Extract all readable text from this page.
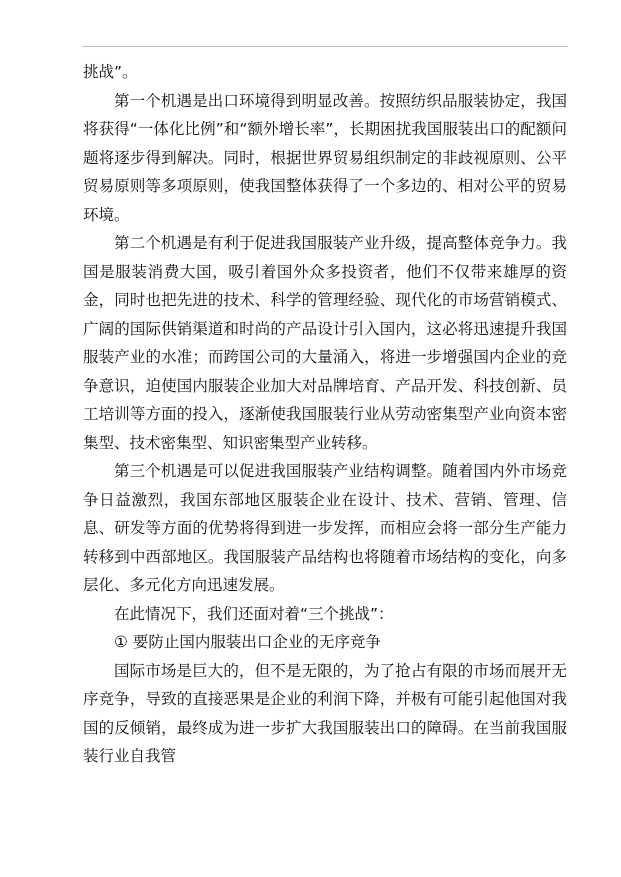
挑战”。

第一个机遇是出口环境得到明显改善。按照纺织品服装协定，我国将获得“一体化比例”和“额外增长率”，长期困扰我国服装出口的配额问题将逐步得到解决。同时，根据世界贸易组织制定的非歧视原则、公平贸易原则等多项原则，使我国整体获得了一个多边的、相对公平的贸易环境。

第二个机遇是有利于促进我国服装产业升级，提高整体竞争力。我国是服装消费大国，吸引着国外众多投资者，他们不仅带来雄厚的资金，同时也把先进的技术、科学的管理经验、现代化的市场营销模式、广阔的国际供销渠道和时尚的产品设计引入国内，这必将迅速提升我国服装产业的水准；而跨国公司的大量涌入，将进一步增强国内企业的竞争意识，迫使国内服装企业加大对品牌培育、产品开发、科技创新、员工培训等方面的投入，逐渐使我国服装行业从劳动密集型产业向资本密集型、技术密集型、知识密集型产业转移。

第三个机遇是可以促进我国服装产业结构调整。随着国内外市场竞争日益激烈，我国东部地区服装企业在设计、技术、营销、管理、信息、研发等方面的优势将得到进一步发挥，而相应会将一部分生产能力转移到中西部地区。我国服装产品结构也将随着市场结构的变化，向多层化、多元化方向迅速发展。

在此情况下，我们还面对着“三个挑战”：

① 要防止国内服装出口企业的无序竞争

国际市场是巨大的，但不是无限的，为了抢占有限的市场而展开无序竞争，导致的直接恶果是企业的利润下降，并极有可能引起他国对我国的反倾销，最终成为进一步扩大我国服装出口的障碍。在当前我国服装行业自我管
